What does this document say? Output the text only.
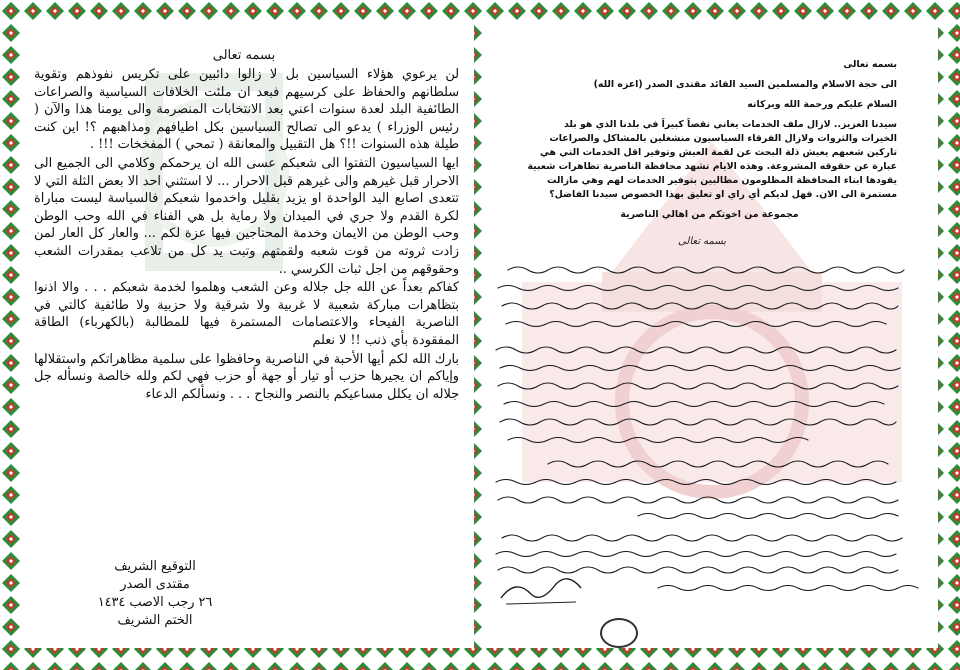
بسمه تعالى

لن يرعوي هؤلاء السياسين بل لا زالوا دائبين على تكريس نفوذهم وتقوية سلطانهم والحفاظ على كرسيهم فبعد ان ملئت الخلافات السياسية والصراعات الطائفية البلد لعدة سنوات اعني بعد الانتخابات المنصرمة والى يومنا هذا والآن ( رئيس الوزراء ) يدعو الى تصالح السياسين بكل اطيافهم ومذاهبهم ؟! اين كنت طيلة هذه السنوات !!؟ هل التقبيل والمعانقة ( تمحي ) المفخخات !!! .

ايها السياسيون التفتوا الى شعبكم عسى الله ان يرحمكم وكلامي الى الجميع الى الاحرار قبل غيرهم والى غيرهم قبل الاحرار ... لا استثني احد الا بعض الثلة التي لا تتعدى اصابع اليد الواحدة او يزيد بقليل واخدموا شعبكم فالسياسة ليست مباراة لكرة القدم ولا جري في الميدان ولا رماية بل هي الفناء في الله وحب الوطن وحب الوطن من الايمان وخدمة المحتاجين فيها عزة لكم ... والعار كل العار لمن زادت ثروته من قوت شعبه ولقمتهم وتبت يد كل من تلاعب بمقدرات الشعب وحقوقهم من اجل ثبات الكرسي ..

كفاكم بعداً عن الله جل جلاله وعن الشعب وهلموا لخدمة شعبكم . . . والا اذنوا بتظاهرات مباركة شعبية لا غربية ولا شرقية ولا حزبية ولا طائفية كالتي في الناصرية الفيحاء والاعتصامات المستمرة فيها للمطالبة (بالكهرباء) الطاقة المفقودة بأي ذنب !! لا نعلم

بارك الله لكم أيها الأحبة في الناصرية وحافظوا على سلمية مظاهراتكم واستقلالها وإياكم ان يجيرها حزب أو تيار أو جهة أو حزب فهي لكم ولله خالصة ونسأله جل جلاله ان يكلل مساعيكم بالنصر والنجاح . . . ونسألكم الدعاء

التوقيع الشريف
مقتدى الصدر
٢٦ رجب الاصب ١٤٣٤
الختم الشريف
بسمه تعالى
الى حجة الاسلام والمسلمين السيد القائد مقتدى الصدر (اعزه الله)
السلام عليكم ورحمة الله وبركاته
سيدنا العزيز.. لازال ملف الخدمات يعاني نقصاً كبيراً في بلدنا الذي هو بلد
الخيرات والثروات ولازال الفرقاء السياسيون منشغلين بالمشاكل والصراعات
تاركين شعبهم يعيش ذلة البحث عن لقمة العيش وتوفير اقل الخدمات التي هي
عبارة عن حقوقه المشروعة. وهذه الايام تشهد محافظة الناصرية تظاهرات شعبية
يقودها ابناء المحافظة المظلومون مطالبين بتوفير الخدمات لهم وهي مازالت
مستمرة الى الان. فهل لديكم أي راي او تعليق بهذا الخصوص سيدنا الفاضل؟
مجموعة من اخوتكم من اهالي الناصرية
بسمه تعالى
